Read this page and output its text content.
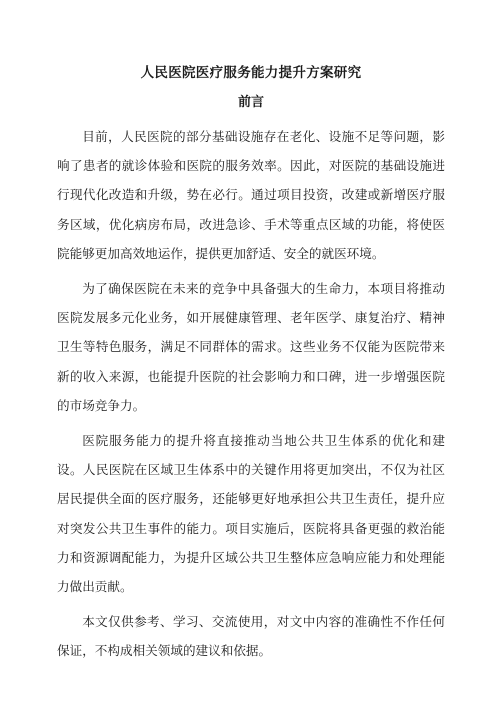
人民医院医疗服务能力提升方案研究
前言

目前，人民医院的部分基础设施存在老化、设施不足等问题，影响了患者的就诊体验和医院的服务效率。因此，对医院的基础设施进行现代化改造和升级，势在必行。通过项目投资，改建或新增医疗服务区域，优化病房布局，改进急诊、手术等重点区域的功能，将使医院能够更加高效地运作，提供更加舒适、安全的就医环境。

为了确保医院在未来的竞争中具备强大的生命力，本项目将推动医院发展多元化业务，如开展健康管理、老年医学、康复治疗、精神卫生等特色服务，满足不同群体的需求。这些业务不仅能为医院带来新的收入来源，也能提升医院的社会影响力和口碑，进一步增强医院的市场竞争力。

医院服务能力的提升将直接推动当地公共卫生体系的优化和建设。人民医院在区域卫生体系中的关键作用将更加突出，不仅为社区居民提供全面的医疗服务，还能够更好地承担公共卫生责任，提升应对突发公共卫生事件的能力。项目实施后，医院将具备更强的救治能力和资源调配能力，为提升区域公共卫生整体应急响应能力和处理能力做出贡献。

本文仅供参考、学习、交流使用，对文中内容的准确性不作任何保证，不构成相关领域的建议和依据。
